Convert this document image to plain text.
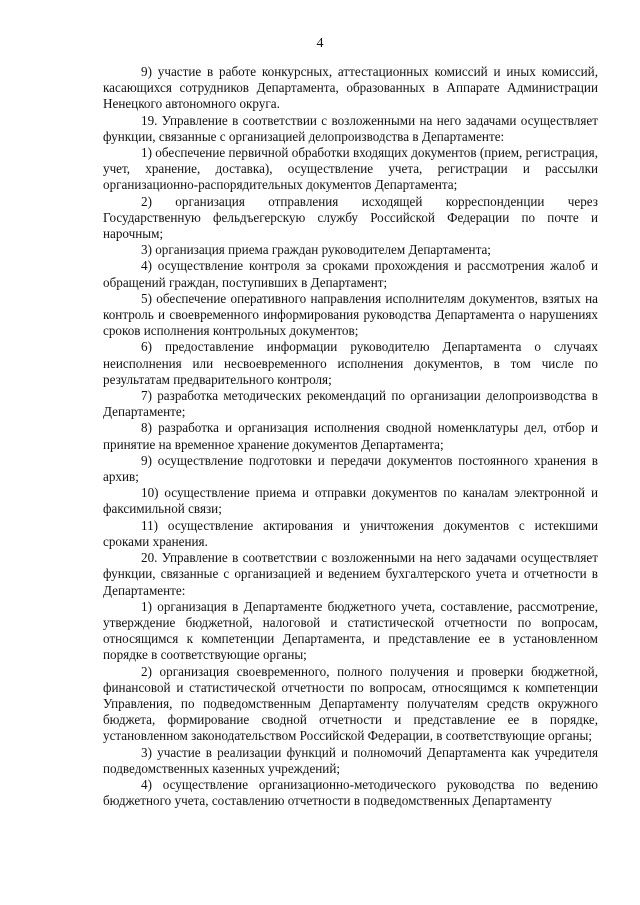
4

9) участие в работе конкурсных, аттестационных комиссий и иных комиссий, касающихся сотрудников Департамента, образованных в Аппарате Администрации Ненецкого автономного округа.

19. Управление в соответствии с возложенными на него задачами осуществляет функции, связанные с организацией делопроизводства в Департаменте:

1) обеспечение первичной обработки входящих документов (прием, регистрация, учет, хранение, доставка), осуществление учета, регистрации и рассылки организационно-распорядительных документов Департамента;

2) организация отправления исходящей корреспонденции через Государственную фельдъегерскую службу Российской Федерации по почте и нарочным;

3) организация приема граждан руководителем Департамента;

4) осуществление контроля за сроками прохождения и рассмотрения жалоб и обращений граждан, поступивших в Департамент;

5) обеспечение оперативного направления исполнителям документов, взятых на контроль и своевременного информирования руководства Департамента о нарушениях сроков исполнения контрольных документов;

6) предоставление информации руководителю Департамента о случаях неисполнения или несвоевременного исполнения документов, в том числе по результатам предварительного контроля;

7) разработка методических рекомендаций по организации делопроизводства в Департаменте;

8) разработка и организация исполнения сводной номенклатуры дел, отбор и принятие на временное хранение документов Департамента;

9) осуществление подготовки и передачи документов постоянного хранения в архив;

10) осуществление приема и отправки документов по каналам электронной и факсимильной связи;

11) осуществление актирования и уничтожения документов с истекшими сроками хранения.

20. Управление в соответствии с возложенными на него задачами осуществляет функции, связанные с организацией и ведением бухгалтерского учета и отчетности в Департаменте:

1) организация в Департаменте бюджетного учета, составление, рассмотрение, утверждение бюджетной, налоговой и статистической отчетности по вопросам, относящимся к компетенции Департамента, и представление ее в установленном порядке в соответствующие органы;

2) организация своевременного, полного получения и проверки бюджетной, финансовой и статистической отчетности по вопросам, относящимся к компетенции Управления, по подведомственным Департаменту получателям средств окружного бюджета, формирование сводной отчетности и представление ее в порядке, установленном законодательством Российской Федерации, в соответствующие органы;

3) участие в реализации функций и полномочий Департамента как учредителя подведомственных казенных учреждений;

4) осуществление организационно-методического руководства по ведению бюджетного учета, составлению отчетности в подведомственных Департаменту
